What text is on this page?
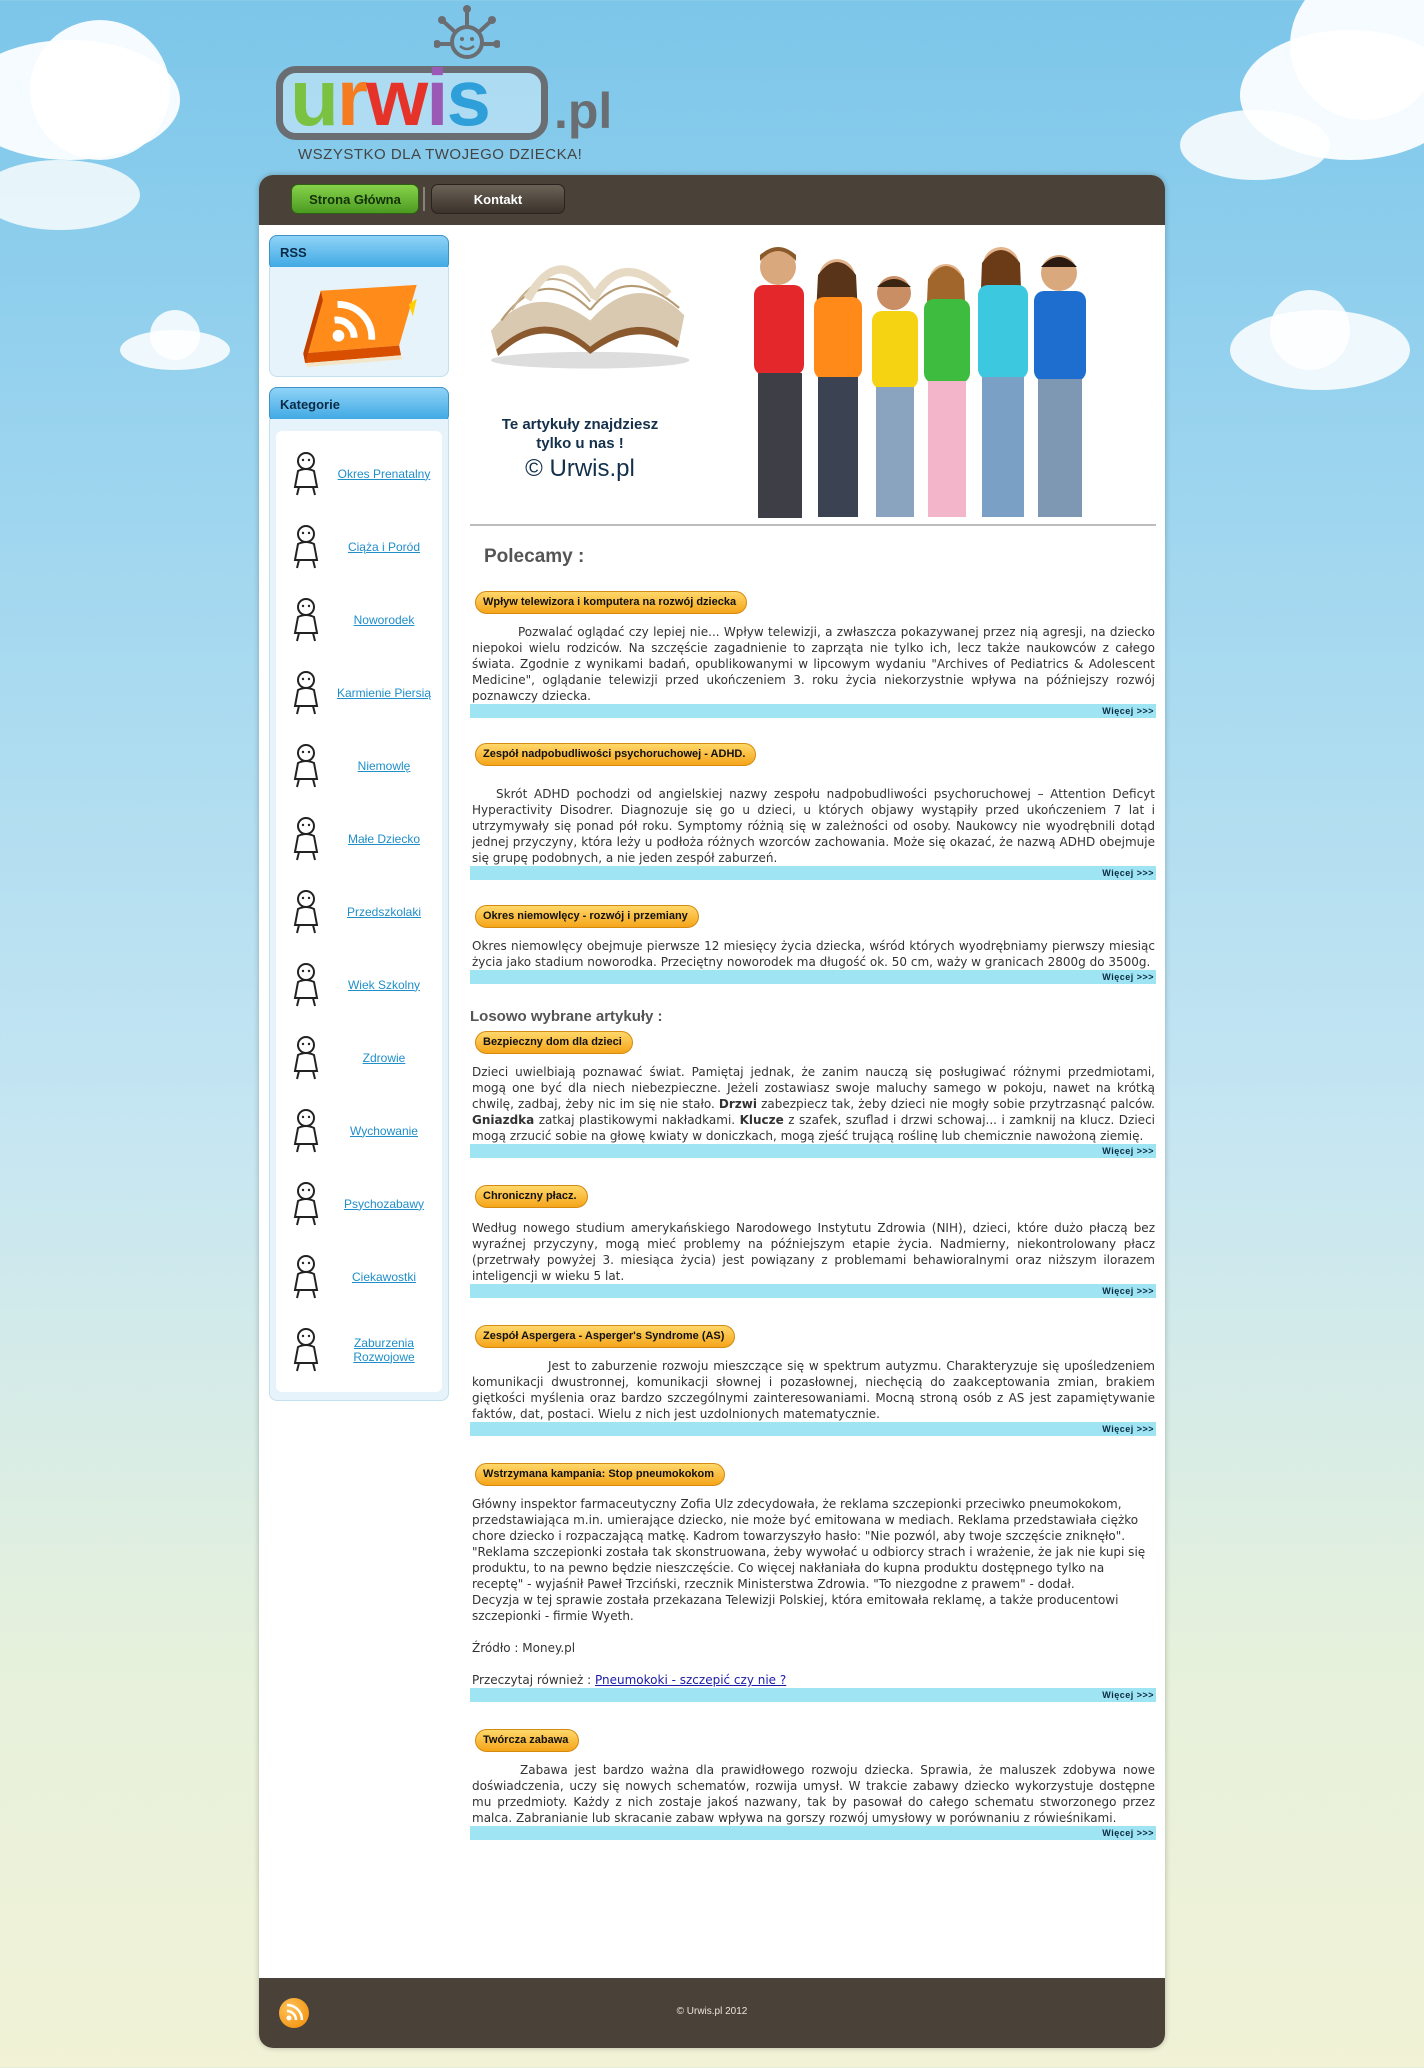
urwis .pl
WSZYSTKO DLA TWOJEGO DZIECKA!
Strona Główna	Kontakt
RSS
Kategorie
Okres Prenatalny
Ciąża i Poród
Noworodek
Karmienie Piersią
Niemowlę
Małe Dziecko
Przedszkolaki
Wiek Szkolny
Zdrowie
Wychowanie
Psychozabawy
Ciekawostki
Zaburzenia Rozwojowe
Te artykuły znajdziesz
tylko u nas !
© Urwis.pl
Polecamy :
Wpływ telewizora i komputera na rozwój dziecka
Pozwalać oglądać czy lepiej nie... Wpływ telewizji, a zwłaszcza pokazywanej przez nią agresji, na dziecko niepokoi wielu rodziców. Na szczęście zagadnienie to zaprząta nie tylko ich, lecz także naukowców z całego świata. Zgodnie z wynikami badań, opublikowanymi w lipcowym wydaniu "Archives of Pediatrics & Adolescent Medicine", oglądanie telewizji przed ukończeniem 3. roku życia niekorzystnie wpływa na późniejszy rozwój poznawczy dziecka.
Więcej >>>
Zespół nadpobudliwości psychoruchowej - ADHD.
Skrót ADHD pochodzi od angielskiej nazwy zespołu nadpobudliwości psychoruchowej – Attention Deficyt Hyperactivity Disodrer. Diagnozuje się go u dzieci, u których objawy wystąpiły przed ukończeniem 7 lat i utrzymywały się ponad pół roku. Symptomy różnią się w zależności od osoby. Naukowcy nie wyodrębnili dotąd jednej przyczyny, która leży u podłoża różnych wzorców zachowania. Może się okazać, że nazwą ADHD obejmuje się grupę podobnych, a nie jeden zespół zaburzeń.
Więcej >>>
Okres niemowlęcy - rozwój i przemiany
Okres niemowlęcy obejmuje pierwsze 12 miesięcy życia dziecka, wśród których wyodrębniamy pierwszy miesiąc życia jako stadium noworodka. Przeciętny noworodek ma długość ok. 50 cm, waży w granicach 2800g do 3500g.
Więcej >>>
Losowo wybrane artykuły :
Bezpieczny dom dla dzieci
Dzieci uwielbiają poznawać świat. Pamiętaj jednak, że zanim nauczą się posługiwać różnymi przedmiotami, mogą one być dla niech niebezpieczne. Jeżeli zostawiasz swoje maluchy samego w pokoju, nawet na krótką chwilę, zadbaj, żeby nic im się nie stało. Drzwi zabezpiecz tak, żeby dzieci nie mogły sobie przytrzasnąć palców. Gniazdka zatkaj plastikowymi nakładkami. Klucze z szafek, szuflad i drzwi schowaj... i zamknij na klucz. Dzieci mogą zrzucić sobie na głowę kwiaty w doniczkach, mogą zjeść trującą roślinę lub chemicznie nawożoną ziemię.
Więcej >>>
Chroniczny płacz.
Według nowego studium amerykańskiego Narodowego Instytutu Zdrowia (NIH), dzieci, które dużo płaczą bez wyraźnej przyczyny, mogą mieć problemy na późniejszym etapie życia. Nadmierny, niekontrolowany płacz (przetrwały powyżej 3. miesiąca życia) jest powiązany z problemami behawioralnymi oraz niższym ilorazem inteligencji w wieku 5 lat.
Więcej >>>
Zespół Aspergera - Asperger's Syndrome (AS)
Jest to zaburzenie rozwoju mieszczące się w spektrum autyzmu. Charakteryzuje się upośledzeniem komunikacji dwustronnej, komunikacji słownej i pozasłownej, niechęcią do zaakceptowania zmian, brakiem giętkości myślenia oraz bardzo szczególnymi zainteresowaniami. Mocną stroną osób z AS jest zapamiętywanie faktów, dat, postaci. Wielu z nich jest uzdolnionych matematycznie.
Więcej >>>
Wstrzymana kampania: Stop pneumokokom
Główny inspektor farmaceutyczny Zofia Ulz zdecydowała, że reklama szczepionki przeciwko pneumokokom, przedstawiająca m.in. umierające dziecko, nie może być emitowana w mediach. Reklama przedstawiała ciężko chore dziecko i rozpaczającą matkę. Kadrom towarzyszyło hasło: "Nie pozwól, aby twoje szczęście zniknęło".
"Reklama szczepionki została tak skonstruowana, żeby wywołać u odbiorcy strach i wrażenie, że jak nie kupi się produktu, to na pewno będzie nieszczęście. Co więcej nakłaniała do kupna produktu dostępnego tylko na receptę" - wyjaśnił Paweł Trzciński, rzecznik Ministerstwa Zdrowia. "To niezgodne z prawem" - dodał.
Decyzja w tej sprawie została przekazana Telewizji Polskiej, która emitowała reklamę, a także producentowi szczepionki - firmie Wyeth.
Źródło : Money.pl
Przeczytaj również : Pneumokoki - szczepić czy nie ?
Więcej >>>
Twórcza zabawa
Zabawa jest bardzo ważna dla prawidłowego rozwoju dziecka. Sprawia, że maluszek zdobywa nowe doświadczenia, uczy się nowych schematów, rozwija umysł. W trakcie zabawy dziecko wykorzystuje dostępne mu przedmioty. Każdy z nich zostaje jakoś nazwany, tak by pasował do całego schematu stworzonego przez malca. Zabranianie lub skracanie zabaw wpływa na gorszy rozwój umysłowy w porównaniu z rówieśnikami.
Więcej >>>
© Urwis.pl 2012
